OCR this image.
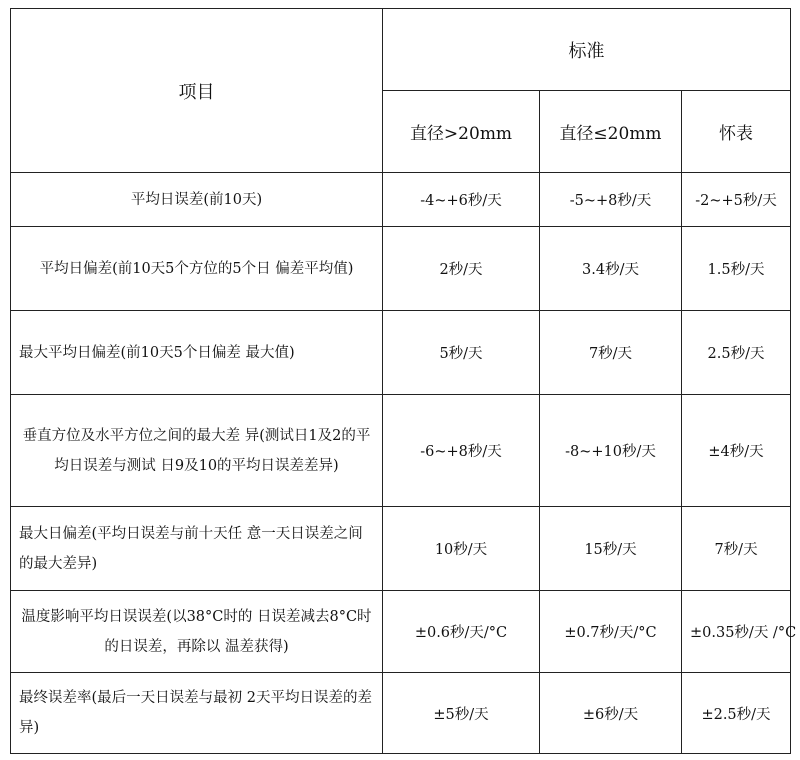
项目	标准		
	直径>20mm	直径≤20mm	怀表
平均日误差(前10天)	-4~+6秒/天	-5~+8秒/天	-2~+5秒/天
平均日偏差(前10天5个方位的5个日 偏差平均值)	2秒/天	3.4秒/天	1.5秒/天
最大平均日偏差(前10天5个日偏差 最大值)	5秒/天	7秒/天	2.5秒/天
垂直方位及水平方位之间的最大差 异(测试日1及2的平均日误差与测试 日9及10的平均日误差差异)	-6~+8秒/天	-8~+10秒/天	±4秒/天
最大日偏差(平均日误差与前十天任 意一天日误差之间的最大差异)	10秒/天	15秒/天	7秒/天
温度影响平均日误误差(以38°C时的 日误差减去8°C时的日误差，再除以 温差获得)	±0.6秒/天/°C	±0.7秒/天/°C	±0.35秒/天 /°C
最终误差率(最后一天日误差与最初 2天平均日误差的差异)	±5秒/天	±6秒/天	±2.5秒/天
